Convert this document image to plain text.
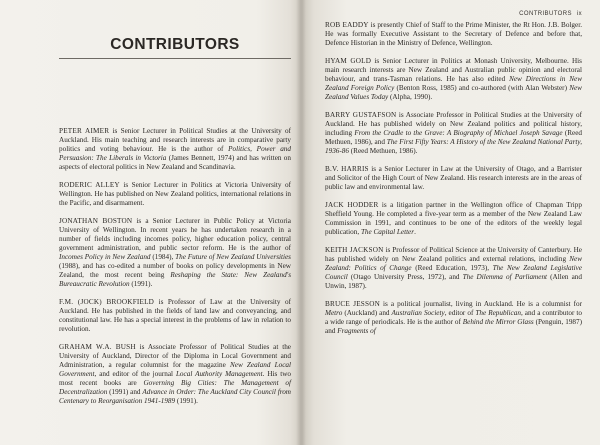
CONTRIBUTORS

PETER AIMER is Senior Lecturer in Political Studies at the University of Auckland. His main teaching and research interests are in comparative party politics and voting behaviour. He is the author of Politics, Power and Persuasion: The Liberals in Victoria (James Bennett, 1974) and has written on aspects of electoral politics in New Zealand and Scandinavia.

RODERIC ALLEY is Senior Lecturer in Politics at Victoria University of Wellington. He has published on New Zealand politics, international relations in the Pacific, and disarmament.

JONATHAN BOSTON is a Senior Lecturer in Public Policy at Victoria University of Wellington. In recent years he has undertaken research in a number of fields including incomes policy, higher education policy, central government administration, and public sector reform. He is the author of Incomes Policy in New Zealand (1984), The Future of New Zealand Universities (1988), and has co-edited a number of books on policy developments in New Zealand, the most recent being Reshaping the State: New Zealand's Bureaucratic Revolution (1991).

F.M. (JOCK) BROOKFIELD is Professor of Law at the University of Auckland. He has published in the fields of land law and conveyancing, and constitutional law. He has a special interest in the problems of law in relation to revolution.

GRAHAM W.A. BUSH is Associate Professor of Political Studies at the University of Auckland, Director of the Diploma in Local Government and Administration, a regular columnist for the magazine New Zealand Local Government, and editor of the journal Local Authority Management. His two most recent books are Governing Big Cities: The Management of Decentralization (1991) and Advance in Order: The Auckland City Council from Centenary to Reorganisation 1941-1989 (1991).

CONTRIBUTORS ix

ROB EADDY is presently Chief of Staff to the Prime Minister, the Rt Hon. J.B. Bolger. He was formally Executive Assistant to the Secretary of Defence and before that, Defence Historian in the Ministry of Defence, Wellington.

HYAM GOLD is Senior Lecturer in Politics at Monash University, Melbourne. His main research interests are New Zealand and Australian public opinion and electoral behaviour, and trans-Tasman relations. He has also edited New Directions in New Zealand Foreign Policy (Benton Ross, 1985) and co-authored (with Alan Webster) New Zealand Values Today (Alpha, 1990).

BARRY GUSTAFSON is Associate Professor in Political Studies at the University of Auckland. He has published widely on New Zealand politics and political history, including From the Cradle to the Grave: A Biography of Michael Joseph Savage (Reed Methuen, 1986), and The First Fifty Years: A History of the New Zealand National Party, 1936-86 (Reed Methuen, 1986).

B.V. HARRIS is a Senior Lecturer in Law at the University of Otago, and a Barrister and Solicitor of the High Court of New Zealand. His research interests are in the areas of public law and environmental law.

JACK HODDER is a litigation partner in the Wellington office of Chapman Tripp Sheffield Young. He completed a five-year term as a member of the New Zealand Law Commission in 1991, and continues to be one of the editors of the weekly legal publication, The Capital Letter.

KEITH JACKSON is Professor of Political Science at the University of Canterbury. He has published widely on New Zealand politics and external relations, including New Zealand: Politics of Change (Reed Education, 1973), The New Zealand Legislative Council (Otago University Press, 1972), and The Dilemma of Parliament (Allen and Unwin, 1987).

BRUCE JESSON is a political journalist, living in Auckland. He is a columnist for Metro (Auckland) and Australian Society, editor of The Republican, and a contributor to a wide range of periodicals. He is the author of Behind the Mirror Glass (Penguin, 1987) and Fragments of
